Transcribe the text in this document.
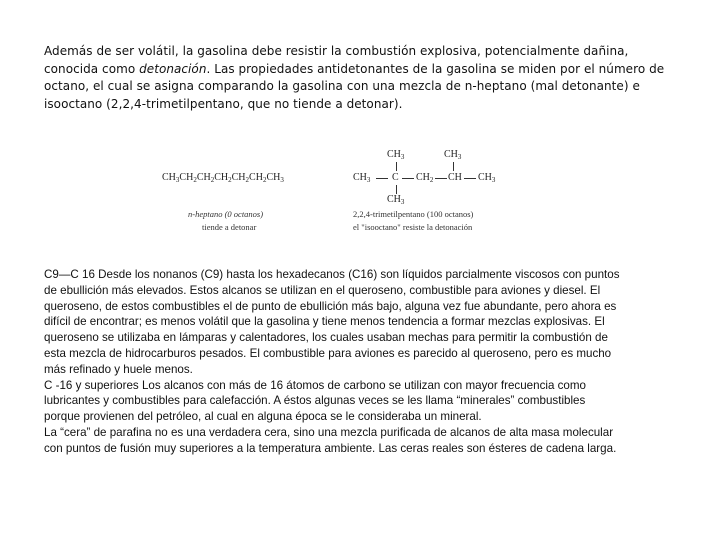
Además de ser volátil, la gasolina debe resistir la combustión explosiva, potencialmente dañina,
conocida como detonación. Las propiedades antidetonantes de la gasolina se miden por el número de
octano, el cual se asigna comparando la gasolina con una mezcla de n-heptano (mal detonante) e
isooctano (2,2,4-trimetilpentano, que no tiende a detonar).
$CH_3CH_2CH_2CH_2CH_2CH_2CH_3$
n-heptano (0 octanos)
tiende a detonar
$CH_3$	$CH_3$
$CH_3$ C $CH_2$ CH $CH_3$
$CH_3$
2,2,4-trimetilpentano (100 octanos)
el "isooctano" resiste la detonación
C9—C 16 Desde los nonanos (C9) hasta los hexadecanos (C16) son líquidos parcialmente viscosos con puntos
de ebullición más elevados. Estos alcanos se utilizan en el queroseno, combustible para aviones y diesel. El
queroseno, de estos combustibles el de punto de ebullición más bajo, alguna vez fue abundante, pero ahora es
difícil de encontrar; es menos volátil que la gasolina y tiene menos tendencia a formar mezclas explosivas. El
queroseno se utilizaba en lámparas y calentadores, los cuales usaban mechas para permitir la combustión de
esta mezcla de hidrocarburos pesados. El combustible para aviones es parecido al queroseno, pero es mucho
más refinado y huele menos.
C -16 y superiores Los alcanos con más de 16 átomos de carbono se utilizan con mayor frecuencia como
lubricantes y combustibles para calefacción. A éstos algunas veces se les llama “minerales” combustibles
porque provienen del petróleo, al cual en alguna época se le consideraba un mineral.
La “cera” de parafina no es una verdadera cera, sino una mezcla purificada de alcanos de alta masa molecular
con puntos de fusión muy superiores a la temperatura ambiente. Las ceras reales son ésteres de cadena larga.
